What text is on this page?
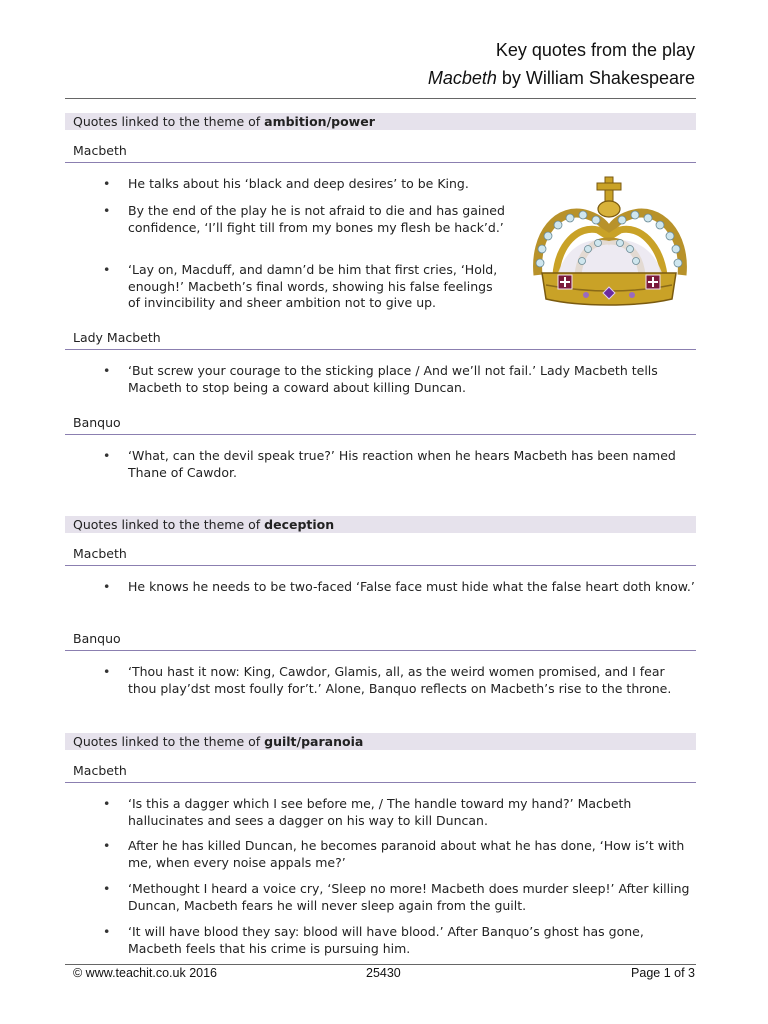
Key quotes from the play
Macbeth by William Shakespeare
Quotes linked to the theme of ambition/power
Macbeth
• He talks about his ‘black and deep desires’ to be King.
• By the end of the play he is not afraid to die and has gained confidence, ‘I’ll fight till from my bones my flesh be hack’d.’
• ‘Lay on, Macduff, and damn’d be him that first cries, ‘Hold, enough!’ Macbeth’s final words, showing his false feelings of invincibility and sheer ambition not to give up.
Lady Macbeth
• ‘But screw your courage to the sticking place / And we’ll not fail.’ Lady Macbeth tells Macbeth to stop being a coward about killing Duncan.
Banquo
• ‘What, can the devil speak true?’ His reaction when he hears Macbeth has been named Thane of Cawdor.
Quotes linked to the theme of deception
Macbeth
• He knows he needs to be two-faced ‘False face must hide what the false heart doth know.’
Banquo
• ‘Thou hast it now: King, Cawdor, Glamis, all, as the weird women promised, and I fear thou play’dst most foully for’t.’ Alone, Banquo reflects on Macbeth’s rise to the throne.
Quotes linked to the theme of guilt/paranoia
Macbeth
• ‘Is this a dagger which I see before me, / The handle toward my hand?’ Macbeth hallucinates and sees a dagger on his way to kill Duncan.
• After he has killed Duncan, he becomes paranoid about what he has done, ‘How is’t with me, when every noise appals me?’
• ‘Methought I heard a voice cry, ‘Sleep no more! Macbeth does murder sleep!’ After killing Duncan, Macbeth fears he will never sleep again from the guilt.
• ‘It will have blood they say: blood will have blood.’ After Banquo’s ghost has gone, Macbeth feels that his crime is pursuing him.
© www.teachit.co.uk 2016	25430	Page 1 of 3
